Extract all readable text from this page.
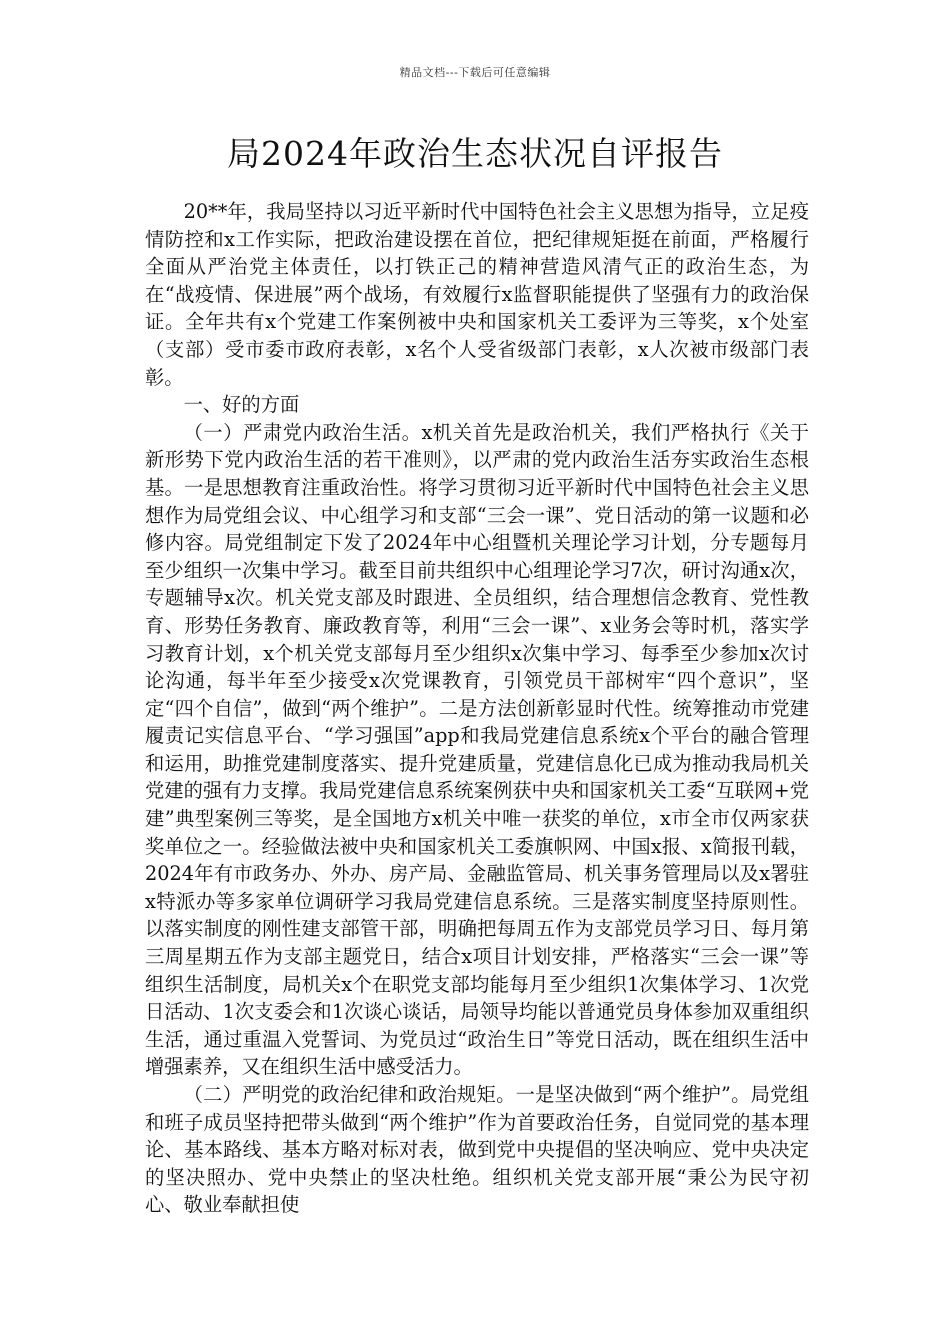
精品文档---下载后可任意编辑
局2024年政治生态状况自评报告

20**年，我局坚持以习近平新时代中国特色社会主义思想为指导，立足疫情防控和x工作实际，把政治建设摆在首位，把纪律规矩挺在前面，严格履行全面从严治党主体责任，以打铁正己的精神营造风清气正的政治生态，为在“战疫情、保进展”两个战场，有效履行x监督职能提供了坚强有力的政治保证。全年共有x个党建工作案例被中央和国家机关工委评为三等奖，x个处室（支部）受市委市政府表彰，x名个人受省级部门表彰，x人次被市级部门表彰。

一、好的方面

（一）严肃党内政治生活。x机关首先是政治机关，我们严格执行《关于新形势下党内政治生活的若干准则》，以严肃的党内政治生活夯实政治生态根基。一是思想教育注重政治性。将学习贯彻习近平新时代中国特色社会主义思想作为局党组会议、中心组学习和支部“三会一课”、党日活动的第一议题和必修内容。局党组制定下发了2024年中心组暨机关理论学习计划，分专题每月至少组织一次集中学习。截至目前共组织中心组理论学习7次，研讨沟通x次，专题辅导x次。机关党支部及时跟进、全员组织，结合理想信念教育、党性教育、形势任务教育、廉政教育等，利用“三会一课”、x业务会等时机，落实学习教育计划，x个机关党支部每月至少组织x次集中学习、每季至少参加x次讨论沟通，每半年至少接受x次党课教育，引领党员干部树牢“四个意识”，坚定“四个自信”，做到“两个维护”。二是方法创新彰显时代性。统筹推动市党建履责记实信息平台、“学习强国”app和我局党建信息系统x个平台的融合管理和运用，助推党建制度落实、提升党建质量，党建信息化已成为推动我局机关党建的强有力支撑。我局党建信息系统案例获中央和国家机关工委“互联网+党建”典型案例三等奖，是全国地方x机关中唯一获奖的单位，x市全市仅两家获奖单位之一。经验做法被中央和国家机关工委旗帜网、中国x报、x简报刊载，2024年有市政务办、外办、房产局、金融监管局、机关事务管理局以及x署驻x特派办等多家单位调研学习我局党建信息系统。三是落实制度坚持原则性。以落实制度的刚性建支部管干部，明确把每周五作为支部党员学习日、每月第三周星期五作为支部主题党日，结合x项目计划安排，严格落实“三会一课”等组织生活制度，局机关x个在职党支部均能每月至少组织1次集体学习、1次党日活动、1次支委会和1次谈心谈话，局领导均能以普通党员身体参加双重组织生活，通过重温入党誓词、为党员过“政治生日”等党日活动，既在组织生活中增强素养，又在组织生活中感受活力。

（二）严明党的政治纪律和政治规矩。一是坚决做到“两个维护”。局党组和班子成员坚持把带头做到“两个维护”作为首要政治任务，自觉同党的基本理论、基本路线、基本方略对标对表，做到党中央提倡的坚决响应、党中央决定的坚决照办、党中央禁止的坚决杜绝。组织机关党支部开展“秉公为民守初心、敬业奉献担使
